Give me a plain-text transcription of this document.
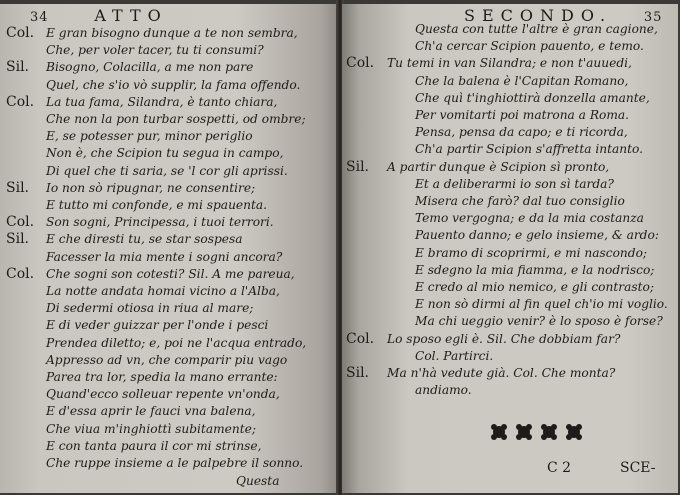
34	ATTO
Col. E gran bisogno dunque a te non sembra,
Che, per voler tacer, tu ti consumi?
Sil. Bisogno, Colacilla, a me non pare
Quel, che s'io vò supplir, la fama offendo.
Col. La tua fama, Silandra, è tanto chiara,
Che non la pon turbar sospetti, od ombre;
E, se potesser pur, minor periglio
Non è, che Scipion tu segua in campo,
Di quel che ti saria, se 'l cor gli aprissi.
Sil. Io non sò ripugnar, ne consentire;
E tutto mi confonde, e mi spauenta.
Col. Son sogni, Principessa, i tuoi terrori.
Sil. E che diresti tu, se star sospesa
Facesser la mia mente i sogni ancora?
Col. Che sogni son cotesti? Sil. A me pareua,
La notte andata homai vicino a l'Alba,
Di sedermi otiosa in riua al mare;
E di veder guizzar per l'onde i pesci
Prendea diletto; e, poi ne l'acqua entrado,
Appresso ad vn, che comparir piu vago
Parea tra lor, spedia la mano errante:
Quand'ecco solleuar repente vn'onda,
E d'essa aprir le fauci vna balena,
Che viua m'inghiottì subitamente;
E con tanta paura il cor mi strinse,
Che ruppe insieme a le palpebre il sonno.
Questa
SECONDO. 35
Questa con tutte l'altre è gran cagione,
Ch'a cercar Scipion pauento, e temo.
Col. Tu temi in van Silandra; e non t'auuedi,
Che la balena è l'Capitan Romano,
Che quì t'inghiottirà donzella amante,
Per vomitarti poi matrona a Roma.
Pensa, pensa da capo; e ti ricorda,
Ch'a partir Scipion s'affretta intanto.
Sil. A partir dunque è Scipion sì pronto,
Et a deliberarmi io son sì tarda?
Misera che farò? dal tuo consiglio
Temo vergogna; e da la mia costanza
Pauento danno; e gelo insieme, & ardo:
E bramo di scoprirmi, e mi nascondo;
E sdegno la mia fiamma, e la nodrisco;
E credo al mio nemico, e gli contrasto;
E non sò dirmi al fin quel ch'io mi voglio.
Ma chi ueggio venir? è lo sposo è forse?
Col. Lo sposo egli è. Sil. Che dobbiam far?
Col. Partirci.
Sil. Ma n'hà vedute già. Col. Che monta?
andiamo.
C 2	SCE-
